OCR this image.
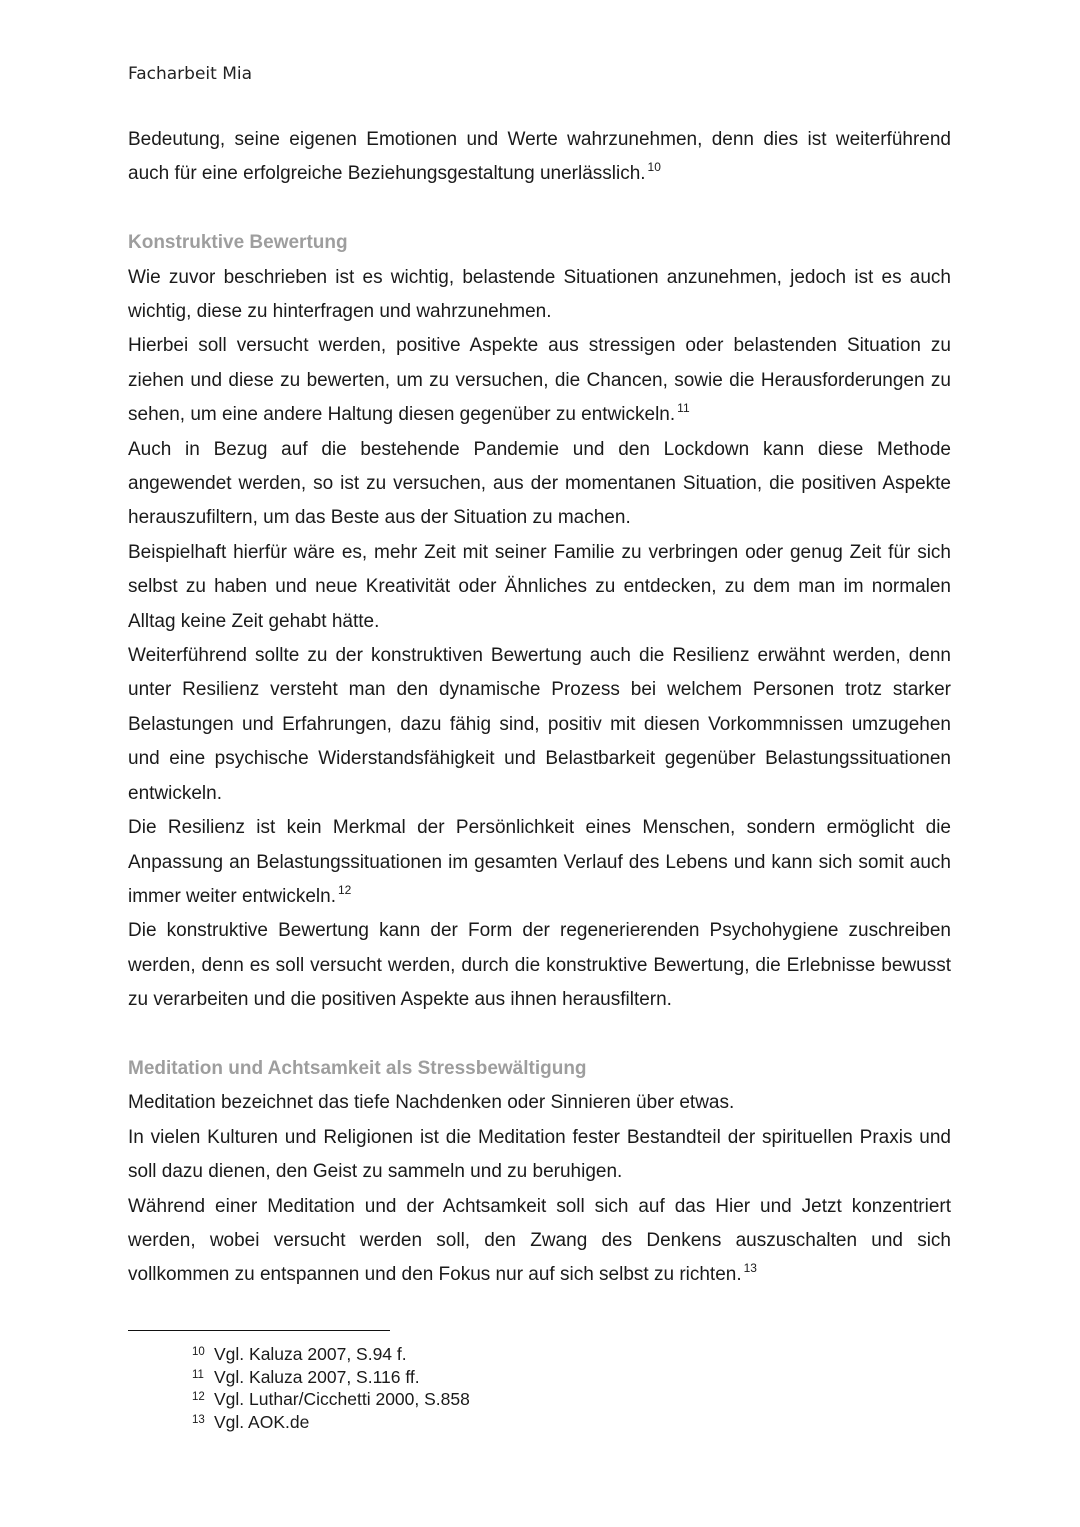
Facharbeit Mia

Bedeutung, seine eigenen Emotionen und Werte wahrzunehmen, denn dies ist weiterführend auch für eine erfolgreiche Beziehungsgestaltung unerlässlich. $^{10}$

Konstruktive Bewertung

Wie zuvor beschrieben ist es wichtig, belastende Situationen anzunehmen, jedoch ist es auch wichtig, diese zu hinterfragen und wahrzunehmen.

Hierbei soll versucht werden, positive Aspekte aus stressigen oder belastenden Situation zu ziehen und diese zu bewerten, um zu versuchen, die Chancen, sowie die Herausforderungen zu sehen, um eine andere Haltung diesen gegenüber zu entwickeln. $^{11}$

Auch in Bezug auf die bestehende Pandemie und den Lockdown kann diese Methode angewendet werden, so ist zu versuchen, aus der momentanen Situation, die positiven Aspekte herauszufiltern, um das Beste aus der Situation zu machen.

Beispielhaft hierfür wäre es, mehr Zeit mit seiner Familie zu verbringen oder genug Zeit für sich selbst zu haben und neue Kreativität oder Ähnliches zu entdecken, zu dem man im normalen Alltag keine Zeit gehabt hätte.

Weiterführend sollte zu der konstruktiven Bewertung auch die Resilienz erwähnt werden, denn unter Resilienz versteht man den dynamische Prozess bei welchem Personen trotz starker Belastungen und Erfahrungen, dazu fähig sind, positiv mit diesen Vorkommnissen umzugehen und eine psychische Widerstandsfähigkeit und Belastbarkeit gegenüber Belastungssituationen entwickeln.

Die Resilienz ist kein Merkmal der Persönlichkeit eines Menschen, sondern ermöglicht die Anpassung an Belastungssituationen im gesamten Verlauf des Lebens und kann sich somit auch immer weiter entwickeln. $^{12}$

Die konstruktive Bewertung kann der Form der regenerierenden Psychohygiene zuschreiben werden, denn es soll versucht werden, durch die konstruktive Bewertung, die Erlebnisse bewusst zu verarbeiten und die positiven Aspekte aus ihnen herausfiltern.

Meditation und Achtsamkeit als Stressbewältigung

Meditation bezeichnet das tiefe Nachdenken oder Sinnieren über etwas.

In vielen Kulturen und Religionen ist die Meditation fester Bestandteil der spirituellen Praxis und soll dazu dienen, den Geist zu sammeln und zu beruhigen.

Während einer Meditation und der Achtsamkeit soll sich auf das Hier und Jetzt konzentriert werden, wobei versucht werden soll, den Zwang des Denkens auszuschalten und sich vollkommen zu entspannen und den Fokus nur auf sich selbst zu richten. $^{13}$

10 Vgl. Kaluza 2007, S.94 f.
11 Vgl. Kaluza 2007, S.116 ff.
12 Vgl. Luthar/Cicchetti 2000, S.858
13 Vgl. AOK.de
